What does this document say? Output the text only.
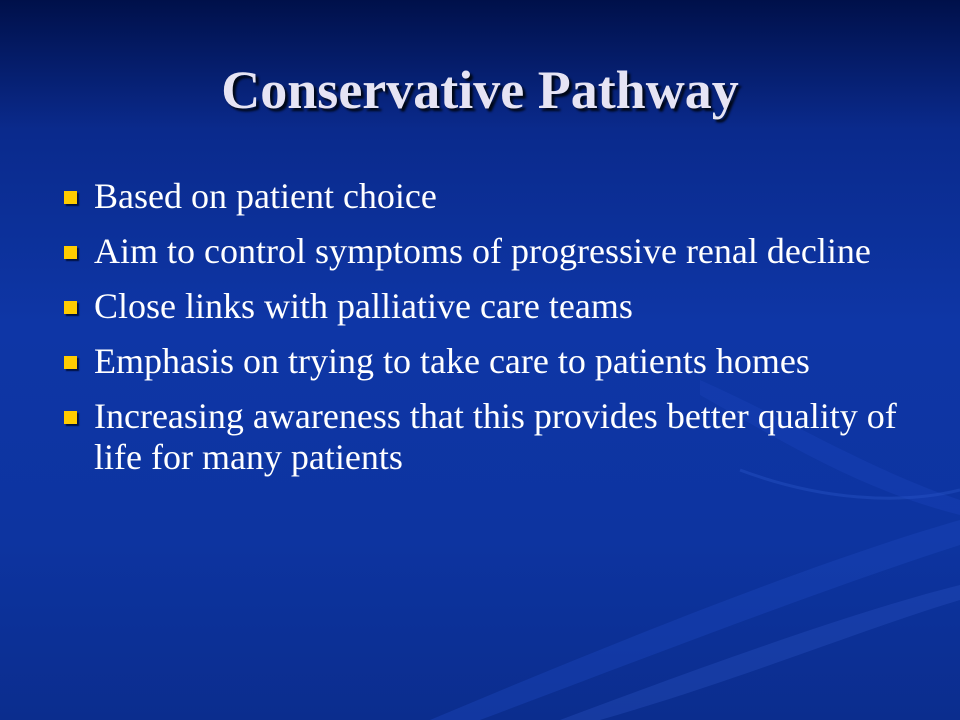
Conservative Pathway
Based on patient choice
Aim to control symptoms of progressive renal decline
Close links with palliative care teams
Emphasis on trying to take care to patients homes
Increasing awareness that this provides better quality of life for many patients
